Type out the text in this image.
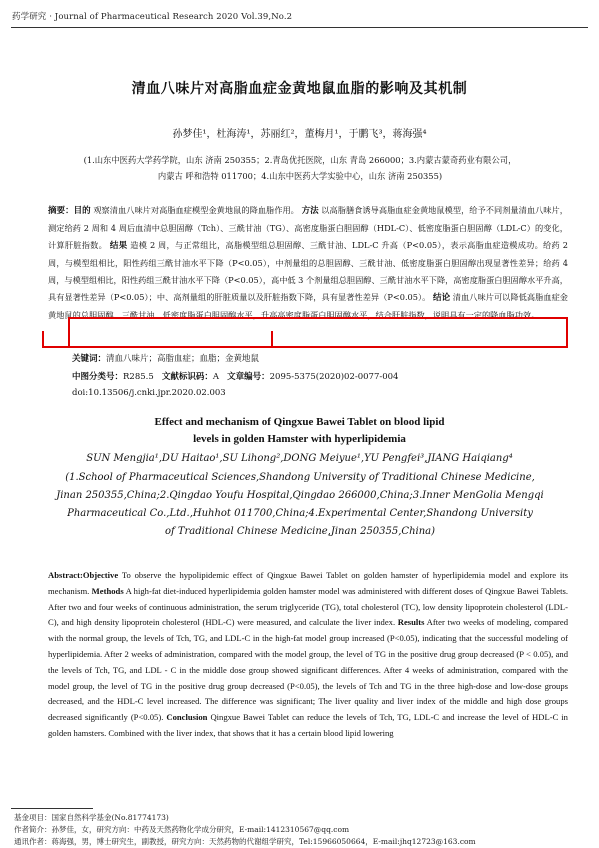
药学研究 · Journal of Pharmaceutical Research 2020 Vol.39,No.2
清血八味片对高脂血症金黄地鼠血脂的影响及其机制
孙梦佳¹，杜海涛¹，苏丽红²，董梅月¹，于鹏飞³，蒋海强⁴
(1.山东中医药大学药学院，山东 济南 250355；2.青岛优托医院，山东 青岛 266000；3.内蒙古蒙奇药业有限公司，
内蒙古 呼和浩特 011700；4.山东中医药大学实验中心，山东 济南 250355)
摘要：目的 观察清血八味片对高脂血症模型金黄地鼠的降血脂作用。 方法 以高脂膳食诱导高脂血症金黄地鼠模型，给予不同剂量清血八味片，测定给药 2 周和 4 周后血清中总胆固醇（Tch）、三酰甘油（TG）、高密度脂蛋白胆固醇（HDL-C）、低密度脂蛋白胆固醇（LDL-C）的变化，计算肝脏指数。 结果 造模 2 周，与正常组比，高脂模型组总胆固醇、三酰甘油、LDL-C 升高（P<0.05），表示高脂血症造模成功。给药 2 周，与模型组相比，阳性药组三酰甘油水平下降（P<0.05），中剂量组的总胆固醇、三酰甘油、低密度脂蛋白胆固醇出现显著性差异；给药 4 周，与模型组相比，阳性药组三酰甘油水平下降（P<0.05），高中低 3 个剂量组总胆固醇、三酰甘油水平下降，高密度脂蛋白胆固醇水平升高，具有显著性差异（P<0.05）；中、高剂量组的肝脏质量以及肝脏指数下降，具有显著性差异（P<0.05）。 结论 清血八味片可以降低高脂血症金黄地鼠的总胆固醇、三酰甘油、低密度脂蛋白胆固醇水平，升高高密度脂蛋白胆固醇水平，结合肝脏指数，说明具有一定的降血脂功效。
关键词：清血八味片；高脂血症；血脂；金黄地鼠
中图分类号：R285.5 文献标识码：A 文章编号：2095-5375(2020)02-0077-004
doi:10.13506/j.cnki.jpr.2020.02.003
Effect and mechanism of Qingxue Bawei Tablet on blood lipid
levels in golden Hamster with hyperlipidemia
SUN Mengjia¹,DU Haitao¹,SU Lihong²,DONG Meiyue¹,YU Pengfei³,JIANG Haiqiang⁴
(1.School of Pharmaceutical Sciences,Shandong University of Traditional Chinese Medicine,
Jinan 250355,China;2.Qingdao Youfu Hospital,Qingdao 266000,China;3.Inner MenGolia Mengqi
Pharmaceutical Co.,Ltd.,Huhhot 011700,China;4.Experimental Center,Shandong University
of Traditional Chinese Medicine,Jinan 250355,China)
Abstract:Objective To observe the hypolipidemic effect of Qingxue Bawei Tablet on golden hamster of hyperlipidemia model and explore its mechanism. Methods A high-fat diet-induced hyperlipidemia golden hamster model was administered with different doses of Qingxue Bawei Tablets. After two and four weeks of continuous administration, the serum triglyceride (TG), total cholesterol (TC), low density lipoprotein cholesterol (LDL-C), and high density lipoprotein cholesterol (HDL-C) were measured, and calculate the liver index. Results After two weeks of modeling, compared with the normal group, the levels of Tch, TG, and LDL-C in the high-fat model group increased (P<0.05), indicating that the successful modeling of hyperlipidemia. After 2 weeks of administration, compared with the model group, the level of TG in the positive drug group decreased (P < 0.05), and the levels of Tch, TG, and LDL - C in the middle dose group showed significant differences. After 4 weeks of administration, compared with the model group, the level of TG in the positive drug group decreased (P<0.05), the levels of Tch and TG in the three high-dose and low-dose groups decreased, and the HDL-C level increased. The difference was significant; The liver quality and liver index of the middle and high dose groups decreased significantly (P<0.05). Conclusion Qingxue Bawei Tablet can reduce the levels of Tch, TG, LDL-C and increase the level of HDL-C in golden hamsters. Combined with the liver index, that shows that it has a certain blood lipid lowering
基金项目：国家自然科学基金(No.81774173)
作者简介：孙梦佳，女，研究方向：中药及天然药物化学成分研究，E-mail:1412310567@qq.com
通讯作者：蒋海强，男，博士研究生，副教授，研究方向：天然药物的代谢组学研究，Tel:15966050664，E-mail:jhq12723@163.com
